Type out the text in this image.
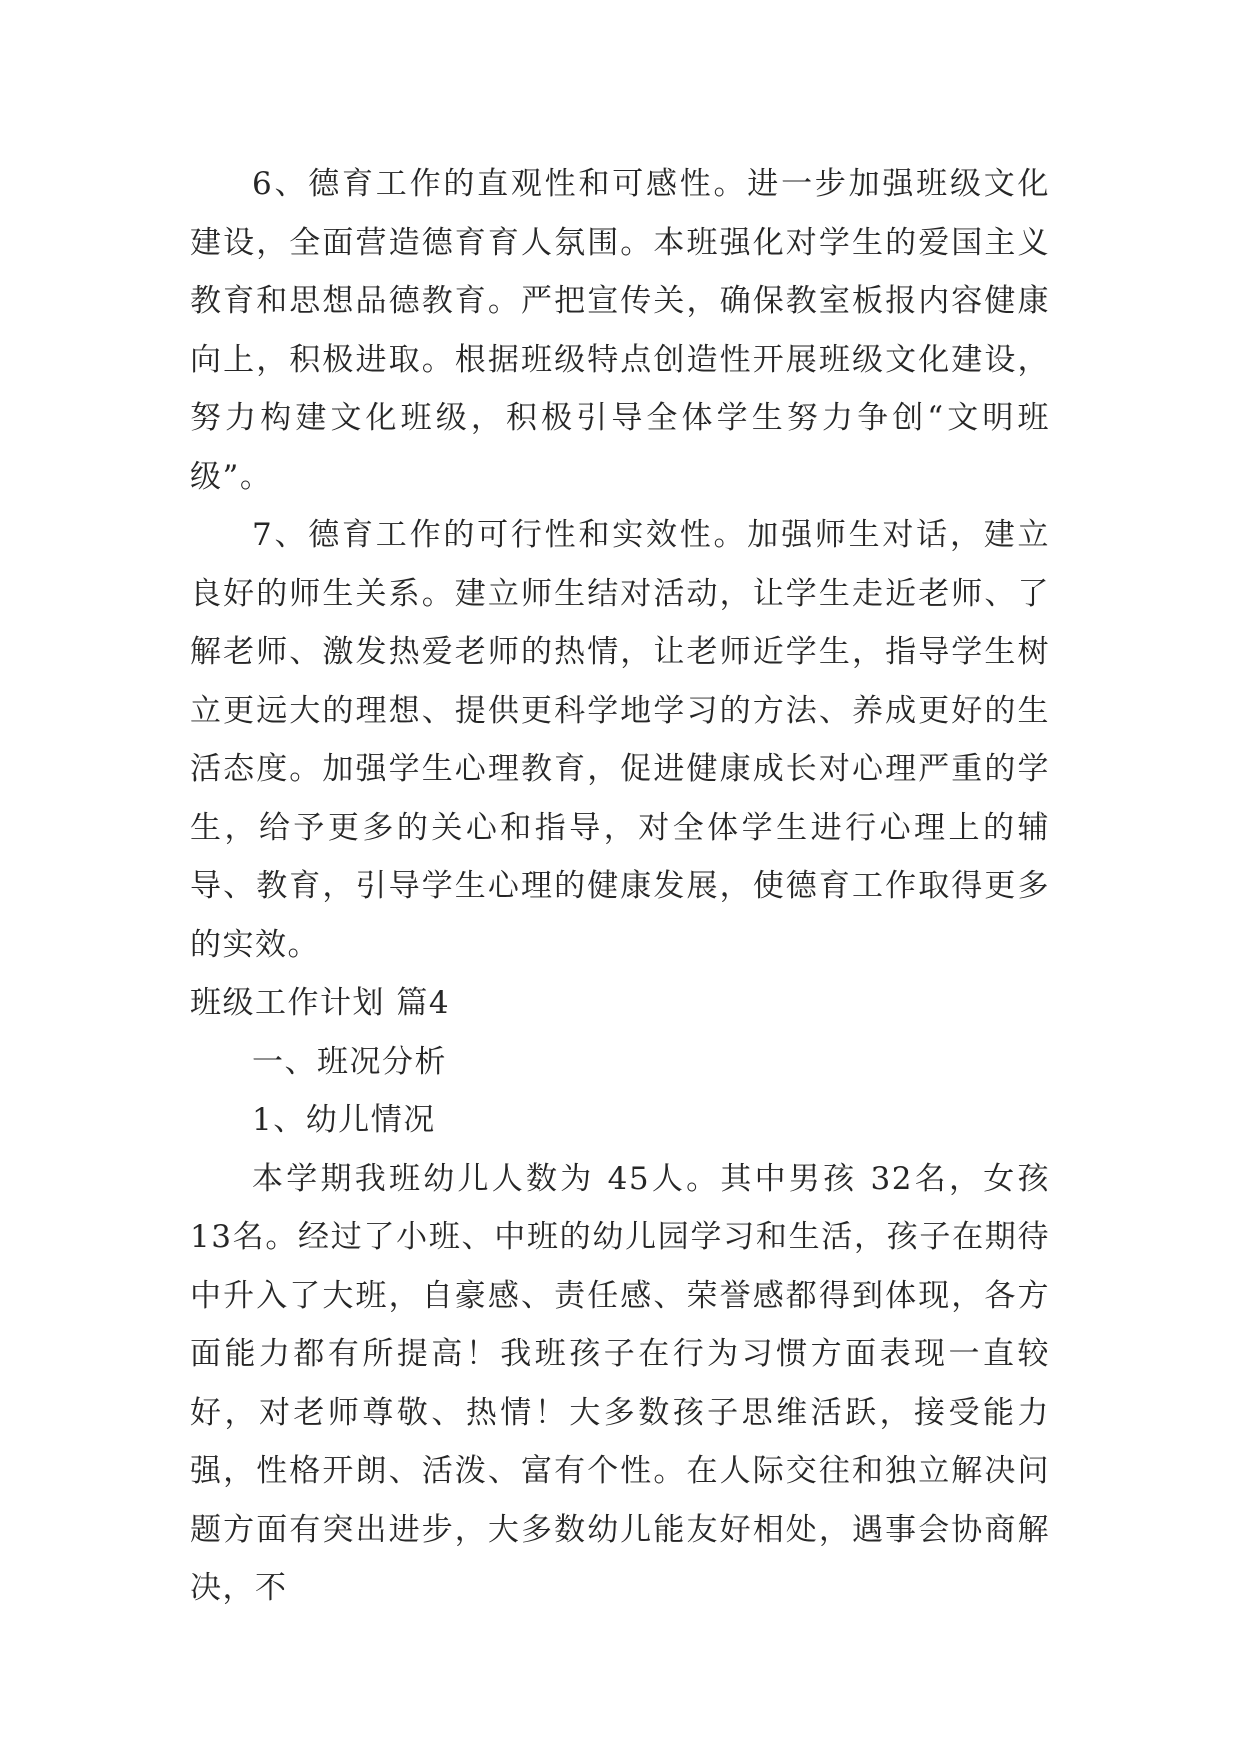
6、德育工作的直观性和可感性。进一步加强班级文化建设，全面营造德育育人氛围。本班强化对学生的爱国主义教育和思想品德教育。严把宣传关，确保教室板报内容健康向上，积极进取。根据班级特点创造性开展班级文化建设，努力构建文化班级，积极引导全体学生努力争创“文明班级”。

7、德育工作的可行性和实效性。加强师生对话，建立良好的师生关系。建立师生结对活动，让学生走近老师、了解老师、激发热爱老师的热情，让老师近学生，指导学生树立更远大的理想、提供更科学地学习的方法、养成更好的生活态度。加强学生心理教育，促进健康成长对心理严重的学生，给予更多的关心和指导，对全体学生进行心理上的辅导、教育，引导学生心理的健康发展，使德育工作取得更多的实效。

班级工作计划 篇4

一、班况分析

1、幼儿情况

本学期我班幼儿人数为 45人。其中男孩 32名，女孩 13名。经过了小班、中班的幼儿园学习和生活，孩子在期待中升入了大班，自豪感、责任感、荣誉感都得到体现，各方面能力都有所提高！我班孩子在行为习惯方面表现一直较好，对老师尊敬、热情！大多数孩子思维活跃，接受能力强，性格开朗、活泼、富有个性。在人际交往和独立解决问题方面有突出进步，大多数幼儿能友好相处，遇事会协商解决，不
